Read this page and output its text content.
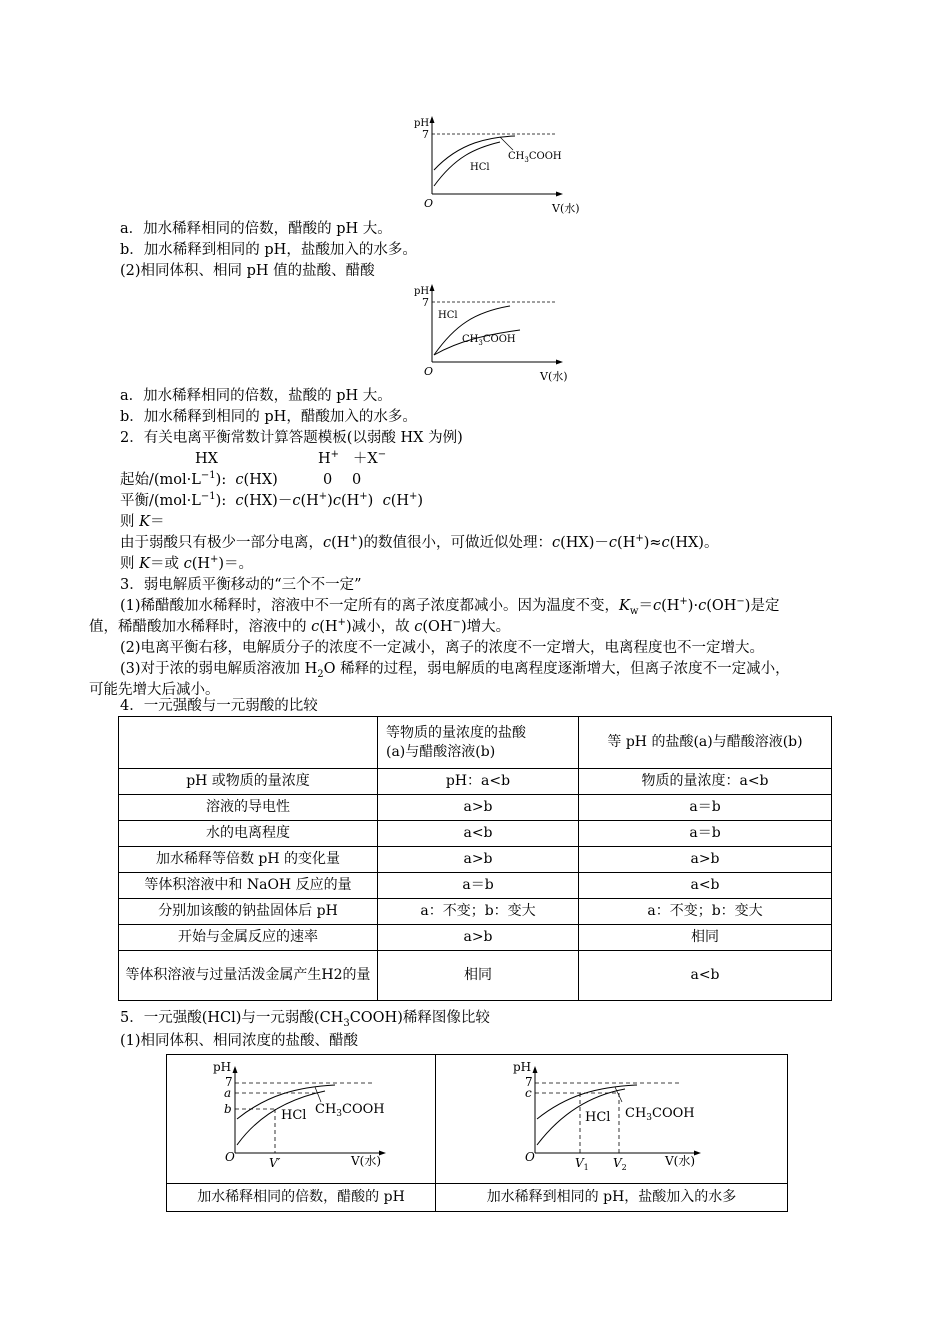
pH
7
HCl
$CH_3COOH$
O	V(水)
a．加水稀释相同的倍数，醋酸的 pH 大。
b．加水稀释到相同的 pH，盐酸加入的水多。
(2)相同体积、相同 pH 值的盐酸、醋酸
pH
7
HCl
$CH_3COOH$
O	V(水)
a．加水稀释相同的倍数，盐酸的 pH 大。
b．加水稀释到相同的 pH，醋酸加入的水多。
2．有关电离平衡常数计算答题模板(以弱酸 HX 为例)
HX	H+ ＋X−
起始$/(mol\cdot L^{-1})$: c(HX)	0 0
平衡$/(mol\cdot L^{-1})$: c(HX)－c(H+)c(H+)  c(H+)
则 K＝
由于弱酸只有极少一部分电离，c(H+)的数值很小，可做近似处理：c(HX)－c(H+)≈c(HX)。
则 K＝或 c(H+)＝。
3．弱电解质平衡移动的“三个不一定”
(1)稀醋酸加水稀释时，溶液中不一定所有的离子浓度都减小。因为温度不变，$K_w=c(H^+)\cdot c(OH^-)$是定
值，稀醋酸加水稀释时，溶液中的 c(H+)减小，故 c(OH−)增大。
(2)电离平衡右移，电解质分子的浓度不一定减小，离子的浓度不一定增大，电离程度也不一定增大。
(3)对于浓的弱电解质溶液加 $H_2O$ 稀释的过程，弱电解质的电离程度逐渐增大，但离子浓度不一定减小，
可能先增大后减小。
4．一元强酸与一元弱酸的比较
	等物质的量浓度的盐酸(a)与醋酸溶液(b)	等 pH 的盐酸(a)与醋酸溶液(b)
pH 或物质的量浓度	pH：a<b	物质的量浓度：a<b
溶液的导电性	a>b	a＝b
水的电离程度	a<b	a＝b
加水稀释等倍数 pH 的变化量	a>b	a>b
等体积溶液中和 NaOH 反应的量	a＝b	a<b
分别加该酸的钠盐固体后 pH	a：不变；b：变大	a：不变；b：变大
开始与金属反应的速率	a>b	相同
等体积溶液与过量活泼金属产生H2的量	相同	a<b
5．一元强酸(HCl)与一元弱酸$(CH_3COOH)$稀释图像比较
(1)相同体积、相同浓度的盐酸、醋酸
pH
7
a
b	HCl $CH_3COOH$
O	V′	V(水)
加水稀释相同的倍数，醋酸的 pH
pH
7
c
HCl $CH_3COOH$
O	$V_1$ $V_2$	V(水)
加水稀释到相同的 pH，盐酸加入的水多
